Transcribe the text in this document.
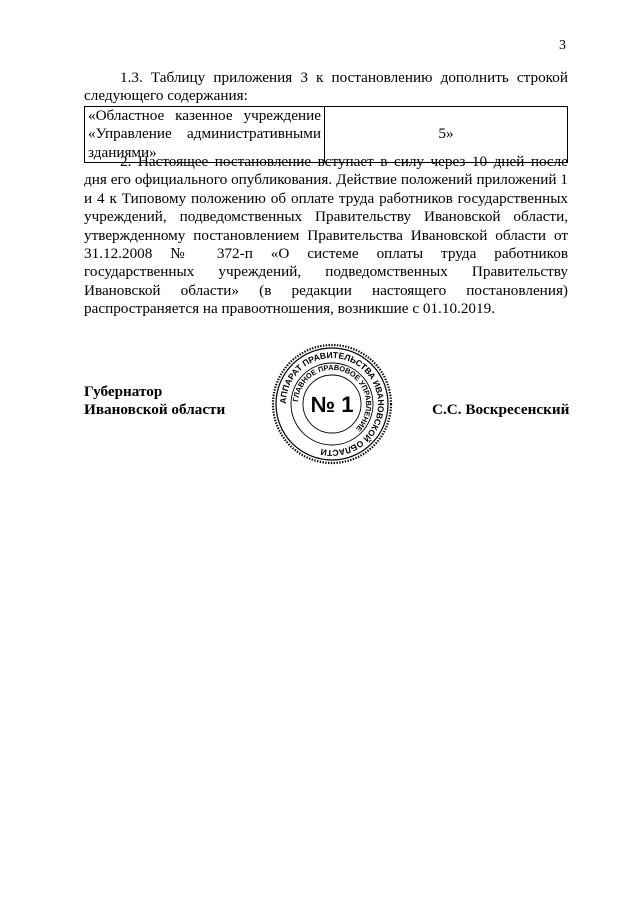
3

1.3. Таблицу приложения 3 к постановлению дополнить строкой следующего содержания:

«Областное казенное учреждение «Управление административными зданиями»	5»

2. Настоящее постановление вступает в силу через 10 дней после дня его официального опубликования. Действие положений приложений 1 и 4 к Типовому положению об оплате труда работников государственных учреждений, подведомственных Правительству Ивановской области, утвержденному постановлением Правительства Ивановской области от 31.12.2008 № 372-п «О системе оплаты труда работников государственных учреждений, подведомственных Правительству Ивановской области» (в редакции настоящего постановления) распространяется на правоотношения, возникшие с 01.10.2019.

Губернатор
Ивановской области
АППАРАТ ПРАВИТЕЛЬСТВА ИВАНОВСКОЙ ОБЛАСТИ
ГЛАВНОЕ ПРАВОВОЕ УПРАВЛЕНИЕ
№ 1	С.С. Воскресенский
